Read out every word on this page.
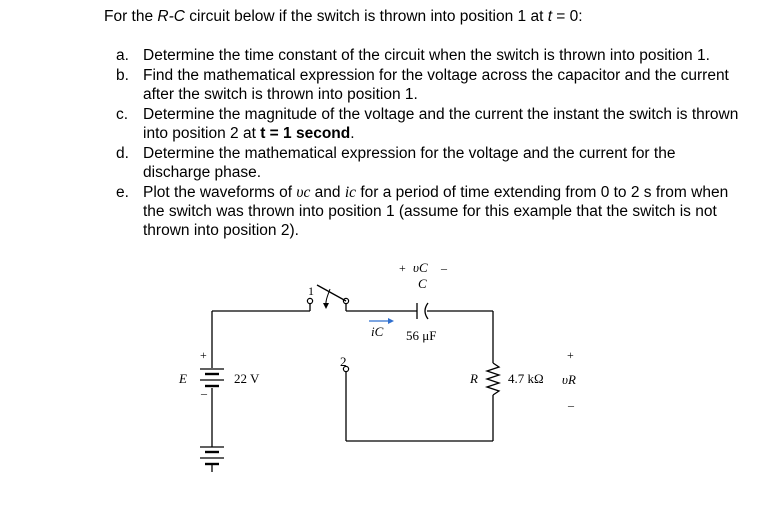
For the R-C circuit below if the switch is thrown into position 1 at t = 0:
a. Determine the time constant of the circuit when the switch is thrown into position 1.
b. Find the mathematical expression for the voltage across the capacitor and the current after the switch is thrown into position 1.
c. Determine the magnitude of the voltage and the current the instant the switch is thrown into position 2 at t = 1 second.
d. Determine the mathematical expression for the voltage and the current for the discharge phase.
e. Plot the waveforms of υc and ic for a period of time extending from 0 to 2 s from when the switch was thrown into position 1 (assume for this example that the switch is not thrown into position 2).
1
2
+ υC –
C
56 μF
iC
+
–
E	22 V	R 4.7 kΩ
+
υR
–
